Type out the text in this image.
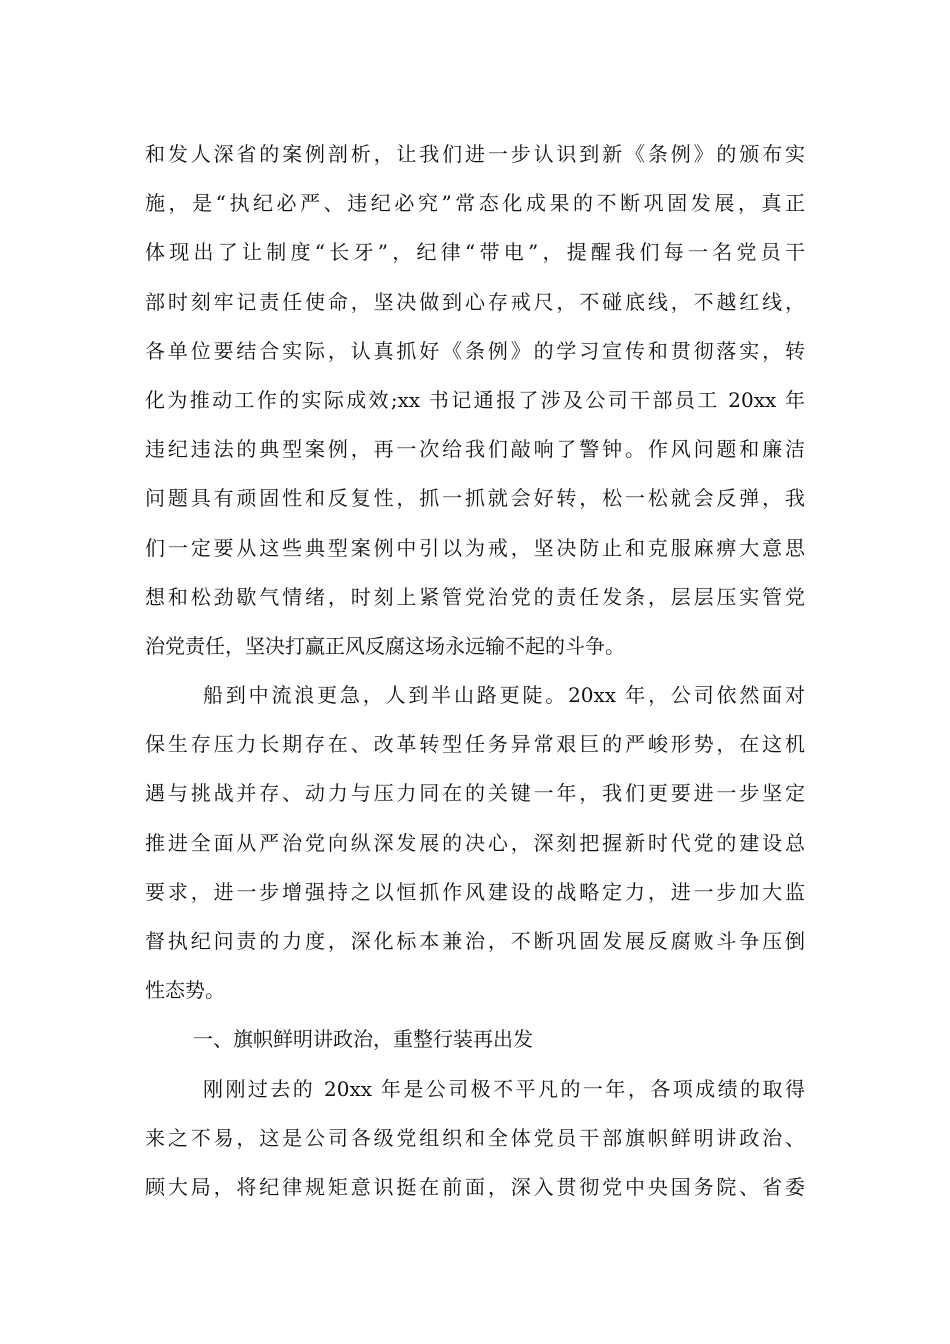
和发人深省的案例剖析，让我们进一步认识到新《条例》的颁布实
施，是“执纪必严、违纪必究”常态化成果的不断巩固发展，真正
体现出了让制度“长牙”，纪律“带电”，提醒我们每一名党员干
部时刻牢记责任使命，坚决做到心存戒尺，不碰底线，不越红线，
各单位要结合实际，认真抓好《条例》的学习宣传和贯彻落实，转
化为推动工作的实际成效;xx 书记通报了涉及公司干部员工 20xx 年
违纪违法的典型案例，再一次给我们敲响了警钟。作风问题和廉洁
问题具有顽固性和反复性，抓一抓就会好转，松一松就会反弹，我
们一定要从这些典型案例中引以为戒，坚决防止和克服麻痹大意思
想和松劲歇气情绪，时刻上紧管党治党的责任发条，层层压实管党
治党责任，坚决打赢正风反腐这场永远输不起的斗争。
船到中流浪更急，人到半山路更陡。20xx 年，公司依然面对
保生存压力长期存在、改革转型任务异常艰巨的严峻形势，在这机
遇与挑战并存、动力与压力同在的关键一年，我们更要进一步坚定
推进全面从严治党向纵深发展的决心，深刻把握新时代党的建设总
要求，进一步增强持之以恒抓作风建设的战略定力，进一步加大监
督执纪问责的力度，深化标本兼治，不断巩固发展反腐败斗争压倒
性态势。
一、旗帜鲜明讲政治，重整行装再出发
刚刚过去的 20xx 年是公司极不平凡的一年，各项成绩的取得
来之不易，这是公司各级党组织和全体党员干部旗帜鲜明讲政治、
顾大局，将纪律规矩意识挺在前面，深入贯彻党中央国务院、省委
